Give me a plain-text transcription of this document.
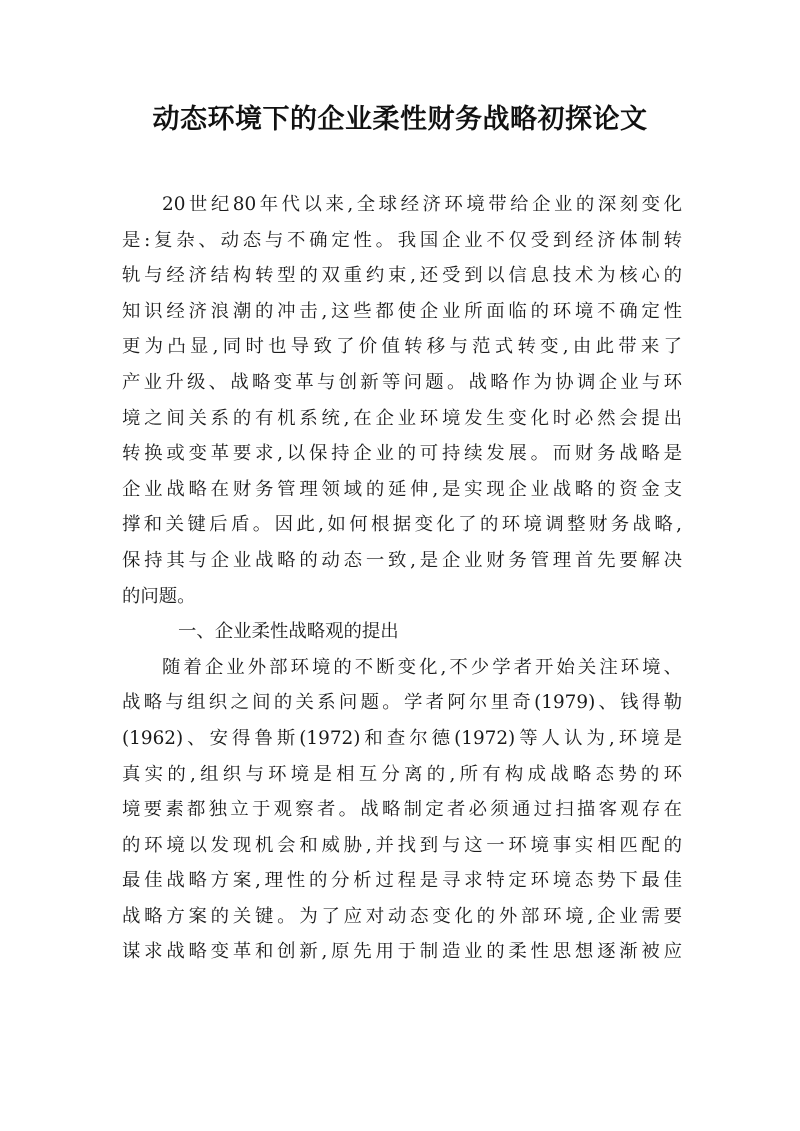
动态环境下的企业柔性财务战略初探论文
20世纪80年代以来,全球经济环境带给企业的深刻变化
是:复杂、动态与不确定性。我国企业不仅受到经济体制转
轨与经济结构转型的双重约束,还受到以信息技术为核心的
知识经济浪潮的冲击,这些都使企业所面临的环境不确定性
更为凸显,同时也导致了价值转移与范式转变,由此带来了
产业升级、战略变革与创新等问题。战略作为协调企业与环
境之间关系的有机系统,在企业环境发生变化时必然会提出
转换或变革要求,以保持企业的可持续发展。而财务战略是
企业战略在财务管理领域的延伸,是实现企业战略的资金支
撑和关键后盾。因此,如何根据变化了的环境调整财务战略,
保持其与企业战略的动态一致,是企业财务管理首先要解决
的问题。
一、企业柔性战略观的提出
随着企业外部环境的不断变化,不少学者开始关注环境、
战略与组织之间的关系问题。学者阿尔里奇(1979)、钱得勒
(1962)、安得鲁斯(1972)和查尔德(1972)等人认为,环境是
真实的,组织与环境是相互分离的,所有构成战略态势的环
境要素都独立于观察者。战略制定者必须通过扫描客观存在
的环境以发现机会和威胁,并找到与这一环境事实相匹配的
最佳战略方案,理性的分析过程是寻求特定环境态势下最佳
战略方案的关键。为了应对动态变化的外部环境,企业需要
谋求战略变革和创新,原先用于制造业的柔性思想逐渐被应
